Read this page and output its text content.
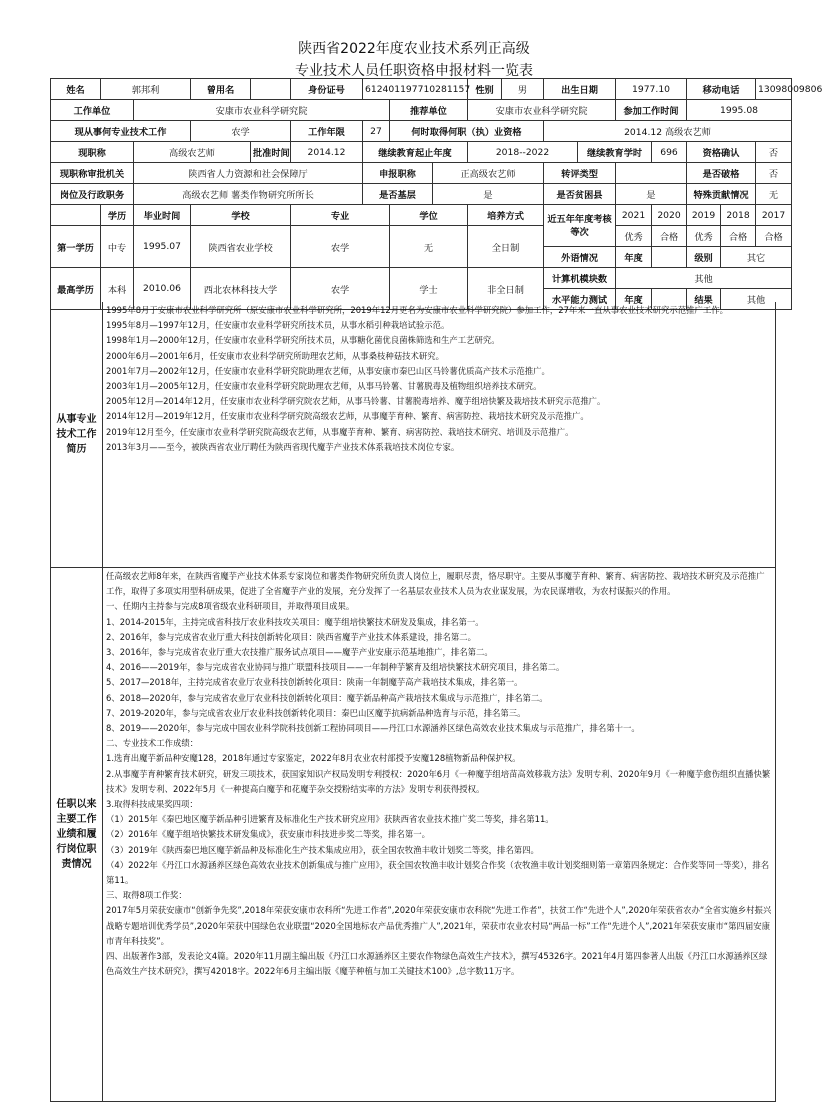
陕西省2022年度农业技术系列正高级
专业技术人员任职资格申报材料一览表
姓名	郭邦利		曾用名		身份证号	612401197710281157			性别	男	出生日期		1977.10		移动电话		13098009806
工作单位		安康市农业科学研究院					推荐单位		安康市农业科学研究院				参加工作时间		1995.08		
现从事何专业技术工作			农学		工作年限	27	何时取得何职（执）业资格				2014.12 高级农艺师						
现职称		高级农艺师		批准时间	2014.12	继续教育起止年度			2018--2022			继续教育学时		696	资格确认		否
现职称审批机关		陕西省人力资源和社会保障厅				申报职称		正高级农艺师			转评类型				是否破格		否
岗位及行政职务		高级农艺师 薯类作物研究所所长				是否基层		是			是否贫困县		是		特殊贡献情况		无
	学历	毕业时间	学校		专业		学位		培养方式		近五年年度考核等次		2021	2020	2019	2018	2017
第一学历	中专	1995.07	陕西省农业学校		农学		无		全日制				优秀	合格	优秀	合格	合格
											外语情况		年度		级别	其它	
最高学历	本科	2010.06	西北农林科技大学		农学		学士		非全日制		计算机模块数		其他				
											水平能力测试		年度		结果	其他	
从事专业技术工作简历
1995年8月于安康市农业科学研究所（原安康市农业科学研究所，2019年12月更名为安康市农业科学研究院）参加工作，27年来一直从事农业技术研究示范推广工作。
1995年8月—1997年12月，任安康市农业科学研究所技术员，从事水稻引种栽培试验示范。
1998年1月—2000年12月，任安康市农业科学研究所技术员，从事糖化菌优良菌株筛选和生产工艺研究。
2000年6月—2001年6月，任安康市农业科学研究所助理农艺师，从事桑枝种菇技术研究。
2001年7月—2002年12月，任安康市农业科学研究院助理农艺师，从事安康市秦巴山区马铃薯优质高产技术示范推广。
2003年1月—2005年12月，任安康市农业科学研究院助理农艺师，从事马铃薯、甘薯脱毒及植物组织培养技术研究。
2005年12月—2014年12月，任安康市农业科学研究院农艺师，从事马铃薯、甘薯脱毒培养、魔芋组培快繁及栽培技术研究示范推广。
2014年12月—2019年12月，任安康市农业科学研究院高级农艺师，从事魔芋育种、繁育、病害防控、栽培技术研究及示范推广。
2019年12月至今，任安康市农业科学研究院高级农艺师，从事魔芋育种、繁育、病害防控、栽培技术研究、培训及示范推广。
2013年3月——至今，被陕西省农业厅聘任为陕西省现代魔芋产业技术体系栽培技术岗位专家。
任职以来主要工作业绩和履行岗位职责情况
任高级农艺师8年来，在陕西省魔芋产业技术体系专家岗位和薯类作物研究所负责人岗位上，履职尽责，恪尽职守。主要从事魔芋育种、繁育、病害防控、栽培技术研究及示范推广工作，取得了多项实用型科研成果，促进了全省魔芋产业的发展，充分发挥了一名基层农业技术人员为农业谋发展，为农民谋增收，为农村谋振兴的作用。
一、任期内主持参与完成8项省级农业科研项目，并取得项目成果。
1、2014-2015年，主持完成省科技厅农业科技攻关项目：魔芋组培快繁技术研发及集成，排名第一。
2、2016年，参与完成省农业厅重大科技创新转化项目：陕西省魔芋产业技术体系建设，排名第二。
3、2016年，参与完成省农业厅重大农技推广服务试点项目——魔芋产业安康示范基地推广，排名第二。
4、2016——2019年，参与完成省农业协同与推广联盟科技项目——一年制种芋繁育及组培快繁技术研究项目，排名第二。
5、2017—2018年，主持完成省农业厅农业科技创新转化项目：陕南一年制魔芋高产栽培技术集成，排名第一。
6、2018—2020年，参与完成省农业厅农业科技创新转化项目：魔芋新品种高产栽培技术集成与示范推广，排名第二。
7、2019-2020年，参与完成省农业厅农业科技创新转化项目：秦巴山区魔芋抗病新品种选育与示范，排名第三。
8、2019——2020年，参与完成中国农业科学院科技创新工程协同项目——丹江口水源涵养区绿色高效农业技术集成与示范推广，排名第十一。
二、专业技术工作成绩：
1.选育出魔芋新品种安魔128，2018年通过专家鉴定，2022年8月农业农村部授予安魔128植物新品种保护权。
2.从事魔芋育种繁育技术研究，研发三项技术，获国家知识产权局发明专利授权：2020年6月《一种魔芋组培苗高效移栽方法》发明专利、2020年9月《一种魔芋愈伤组织直播快繁技术》发明专利、2022年5月《一种提高白魔芋和花魔芋杂交授粉结实率的方法》发明专利获得授权。
3.取得科技成果奖四项：
（1）2015年《秦巴地区魔芋新品种引进繁育及标准化生产技术研究应用》获陕西省农业技术推广奖二等奖，排名第11。
（2）2016年《魔芋组培快繁技术研发集成》，获安康市科技进步奖二等奖，排名第一。
（3）2019年《陕西秦巴地区魔芋新品种及标准化生产技术集成应用》，获全国农牧渔丰收计划奖二等奖，排名第四。
（4）2022年《丹江口水源涵养区绿色高效农业技术创新集成与推广应用》，获全国农牧渔丰收计划奖合作奖（农牧渔丰收计划奖细则第一章第四条规定：合作奖等同一等奖），排名第11。
三、取得8项工作奖：
2017年5月荣获安康市“创新争先奖”,2018年荣获安康市农科所“先进工作者”,2020年荣获安康市农科院“先进工作者”，扶贫工作“先进个人”,2020年荣获省农办“全省实施乡村振兴战略专题培训优秀学员”,2020年荣获中国绿色农业联盟“2020全国地标农产品优秀推广人”,2021年，荣获市农业农村局“两品一标”工作“先进个人”,2021年荣获安康市“第四届安康市青年科技奖”。
四、出版著作3部，发表论文4篇。2020年11月副主编出版《丹江口水源涵养区主要农作物绿色高效生产技术》，撰写45326字。2021年4月第四参著人出版《丹江口水源涵养区绿色高效生产技术研究》，撰写42018字。2022年6月主编出版《魔芋种植与加工关键技术100》,总字数11万字。
